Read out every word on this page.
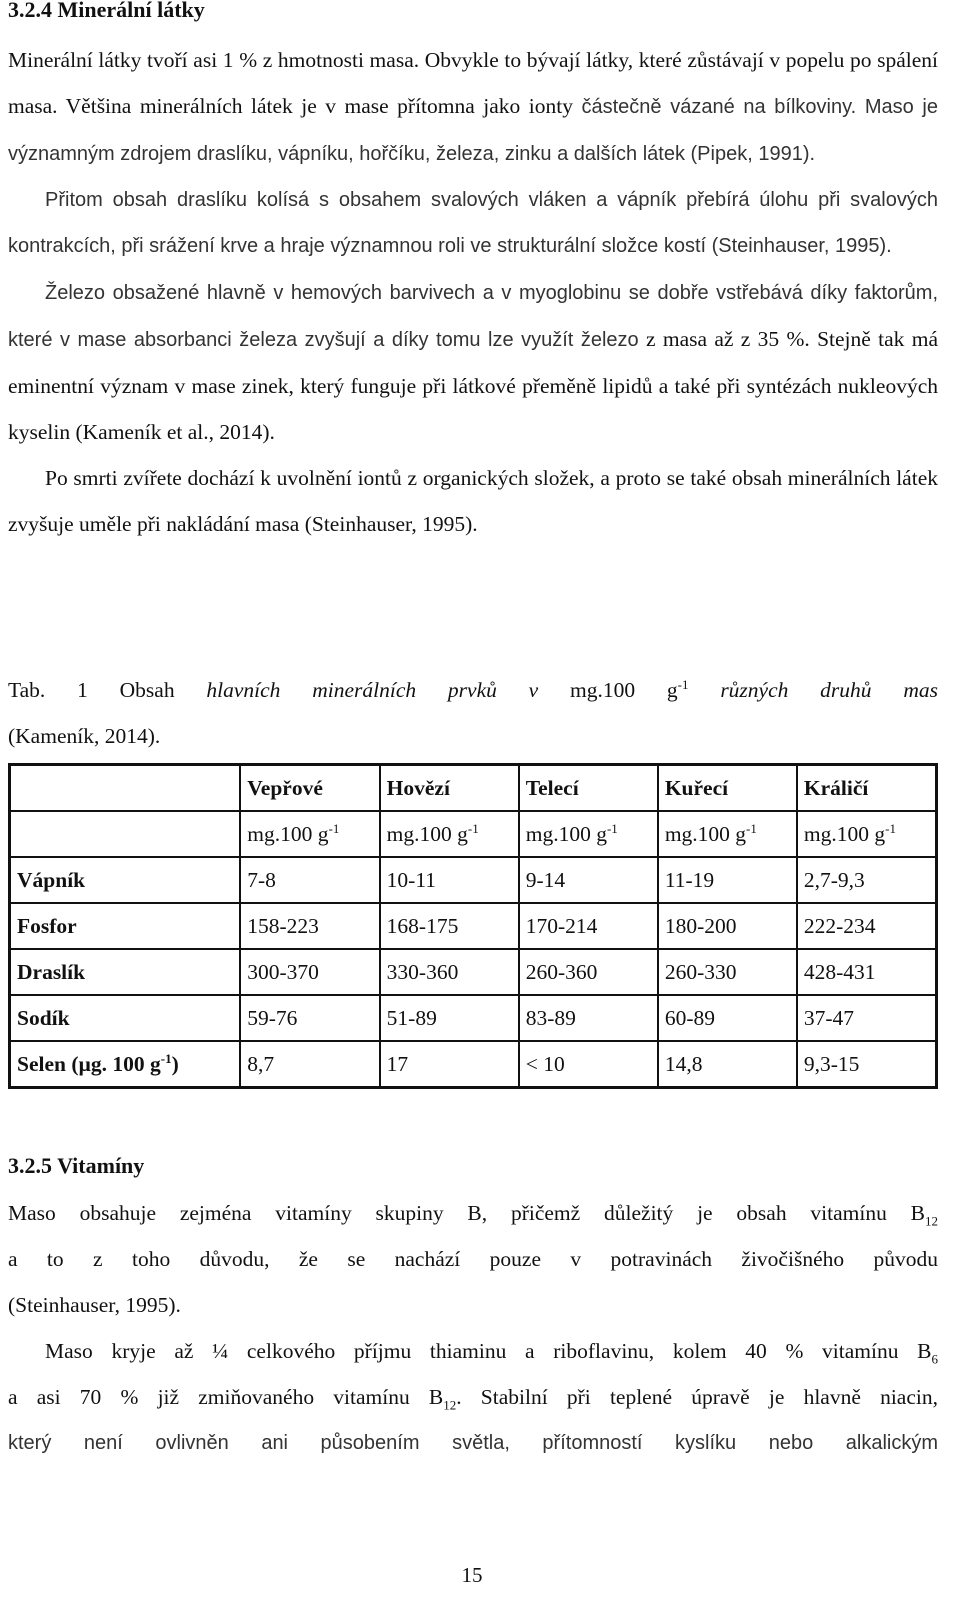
3.2.4 Minerální látky

Minerální látky tvoří asi 1 % z hmotnosti masa. Obvykle to bývají látky, které zůstávají v popelu po spálení masa. Většina minerálních látek je v mase přítomna jako ionty částečně vázané na bílkoviny. Maso je významným zdrojem draslíku, vápníku, hořčíku, železa, zinku a dalších látek (Pipek, 1991).

Přitom obsah draslíku kolísá s obsahem svalových vláken a vápník přebírá úlohu při svalových kontrakcích, při srážení krve a hraje významnou roli ve strukturální složce kostí (Steinhauser, 1995).

Železo obsažené hlavně v hemových barvivech a v myoglobinu se dobře vstřebává díky faktorům, které v mase absorbanci železa zvyšují a díky tomu lze využít železo z masa až z 35 %. Stejně tak má eminentní význam v mase zinek, který funguje při látkové přeměně lipidů a také při syntézách nukleových kyselin (Kameník et al., 2014).

Po smrti zvířete dochází k uvolnění iontů z organických složek, a proto se také obsah minerálních látek zvyšuje uměle při nakládání masa (Steinhauser, 1995).

Tab. 1 Obsah hlavních minerálních prvků v mg.100 $g^{-1}$ různých druhů mas

(Kameník, 2014).

	Vepřové	Hovězí	Telecí	Kuřecí	Králičí
	mg.100 $g^{-1}$	mg.100 $g^{-1}$	mg.100 $g^{-1}$	mg.100 $g^{-1}$	mg.100 $g^{-1}$
Vápník	7-8	10-11	9-14	11-19	2,7-9,3
Fosfor	158-223	168-175	170-214	180-200	222-234
Draslík	300-370	330-360	260-360	260-330	428-431
Sodík	59-76	51-89	83-89	60-89	37-47
Selen (µg. 100 $g^{-1}$)	8,7	17	< 10	14,8	9,3-15
3.2.5 Vitamíny

Maso obsahuje zejména vitamíny skupiny B, přičemž důležitý je obsah vitamínu $B_{12}$

a to z toho důvodu, že se nachází pouze v potravinách živočišného původu

(Steinhauser, 1995).

Maso kryje až ¼ celkového příjmu thiaminu a riboflavinu, kolem 40 % vitamínu $B_6$

a asi 70 % již zmiňovaného vitamínu $B_{12}$. Stabilní při teplené úpravě je hlavně niacin,

který není ovlivněn ani působením světla, přítomností kyslíku nebo alkalickým

15
